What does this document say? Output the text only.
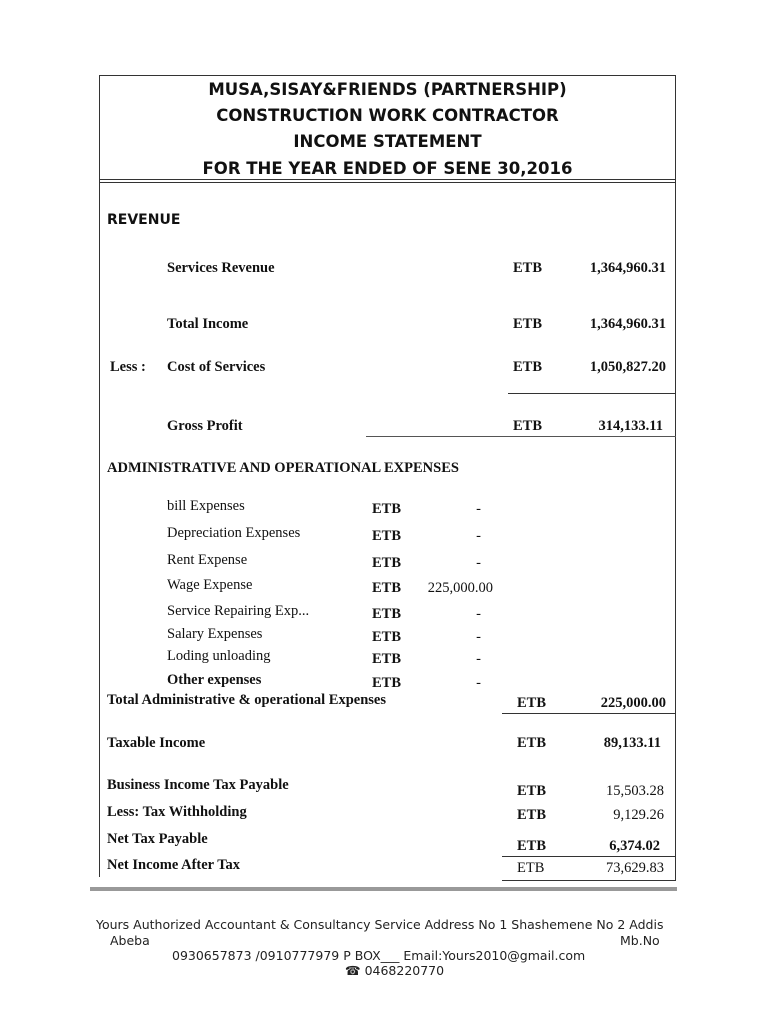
MUSA,SISAY&FRIENDS (PARTNERSHIP)
CONSTRUCTION WORK CONTRACTOR
INCOME STATEMENT
FOR THE YEAR ENDED OF SENE 30,2016
REVENUE
Services Revenue	ETB	1,364,960.31
Total Income	ETB	1,364,960.31
Less : Cost of Services	ETB	1,050,827.20
Gross Profit	ETB	314,133.11
ADMINISTRATIVE AND OPERATIONAL EXPENSES
bill Expenses	ETB	-
Depreciation Expenses	ETB	-
Rent Expense	ETB	-
Wage Expense	ETB	225,000.00
Service Repairing Exp...	ETB	-
Salary Expenses	ETB	-
Loding unloading	ETB	-
Other expenses	ETB	-
Total Administrative & operational Expenses	ETB	225,000.00
Taxable Income	ETB	89,133.11
Business Income Tax Payable	ETB	15,503.28
Less: Tax Withholding	ETB	9,129.26
Net Tax Payable	ETB	6,374.02
Net Income After Tax	ETB	73,629.83
Yours Authorized Accountant & Consultancy Service Address No 1 Shashemene No 2 Addis
Abeba	Mb.No
0930657873 /0910777979 P BOX___ Email:Yours2010@gmail.com
☎ 0468220770
